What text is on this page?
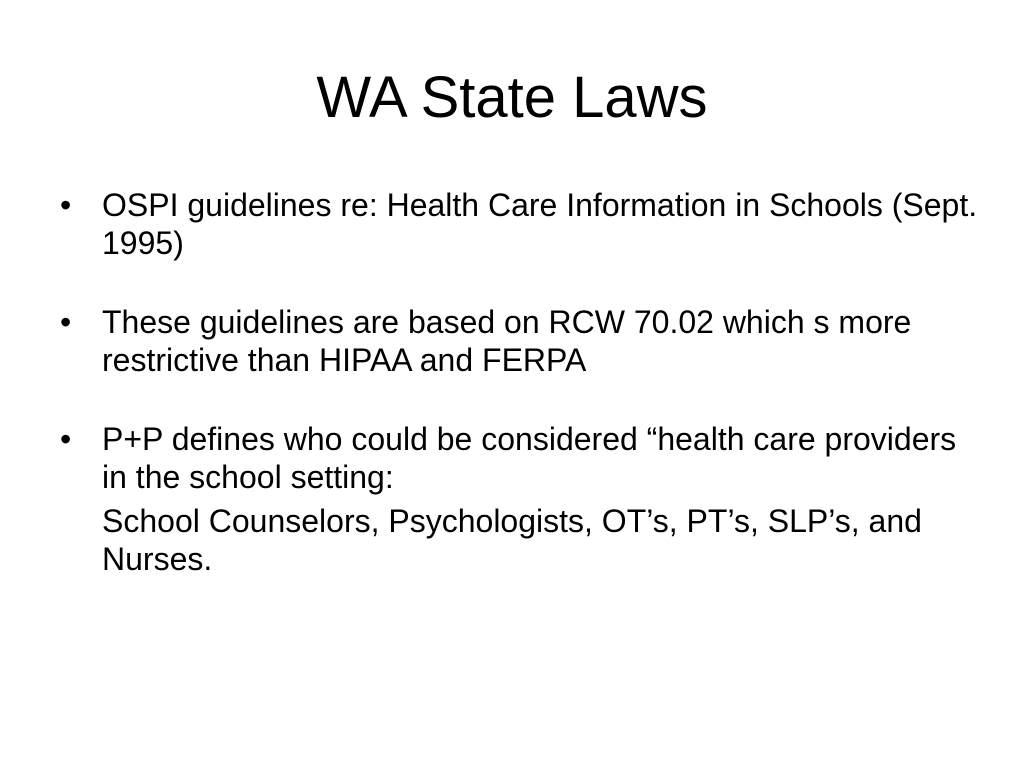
WA State Laws
• OSPI guidelines re: Health Care Information in Schools (Sept. 1995)
• These guidelines are based on RCW 70.02 which s more restrictive than HIPAA and FERPA
• P+P defines who could be considered “health care providers in the school setting:
School Counselors, Psychologists, OT’s, PT’s, SLP’s, and Nurses.
